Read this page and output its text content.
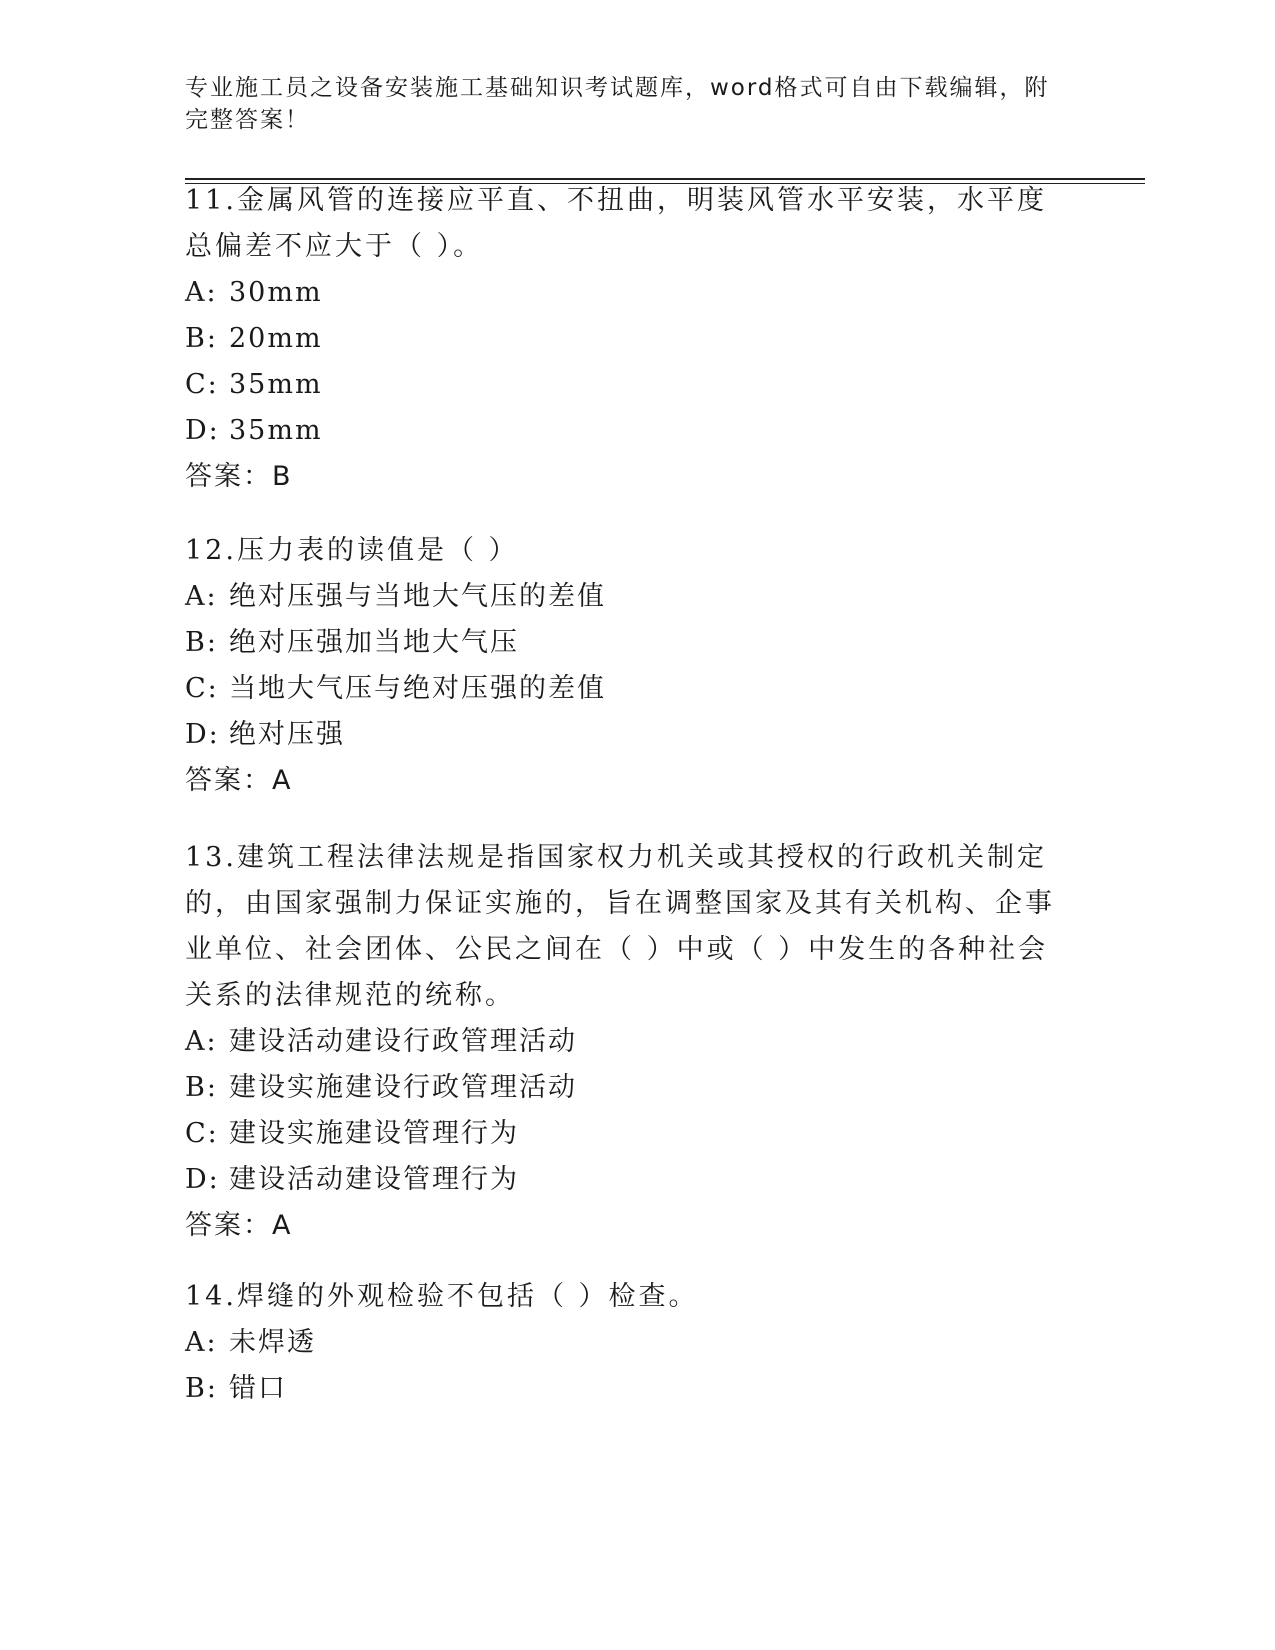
专业施工员之设备安装施工基础知识考试题库，word格式可自由下载编辑，附完整答案！

11.金属风管的连接应平直、不扭曲，明装风管水平安装，水平度总偏差不应大于（ ）。

A: 30mm

B: 20mm

C: 35mm

D: 35mm

答案：B

12.压力表的读值是（ ）

A: 绝对压强与当地大气压的差值

B: 绝对压强加当地大气压

C: 当地大气压与绝对压强的差值

D: 绝对压强

答案：A

13.建筑工程法律法规是指国家权力机关或其授权的行政机关制定的，由国家强制力保证实施的，旨在调整国家及其有关机构、企事业单位、社会团体、公民之间在（ ）中或（ ）中发生的各种社会关系的法律规范的统称。

A: 建设活动建设行政管理活动

B: 建设实施建设行政管理活动

C: 建设实施建设管理行为

D: 建设活动建设管理行为

答案：A

14.焊缝的外观检验不包括（ ）检查。

A: 未焊透

B: 错口
